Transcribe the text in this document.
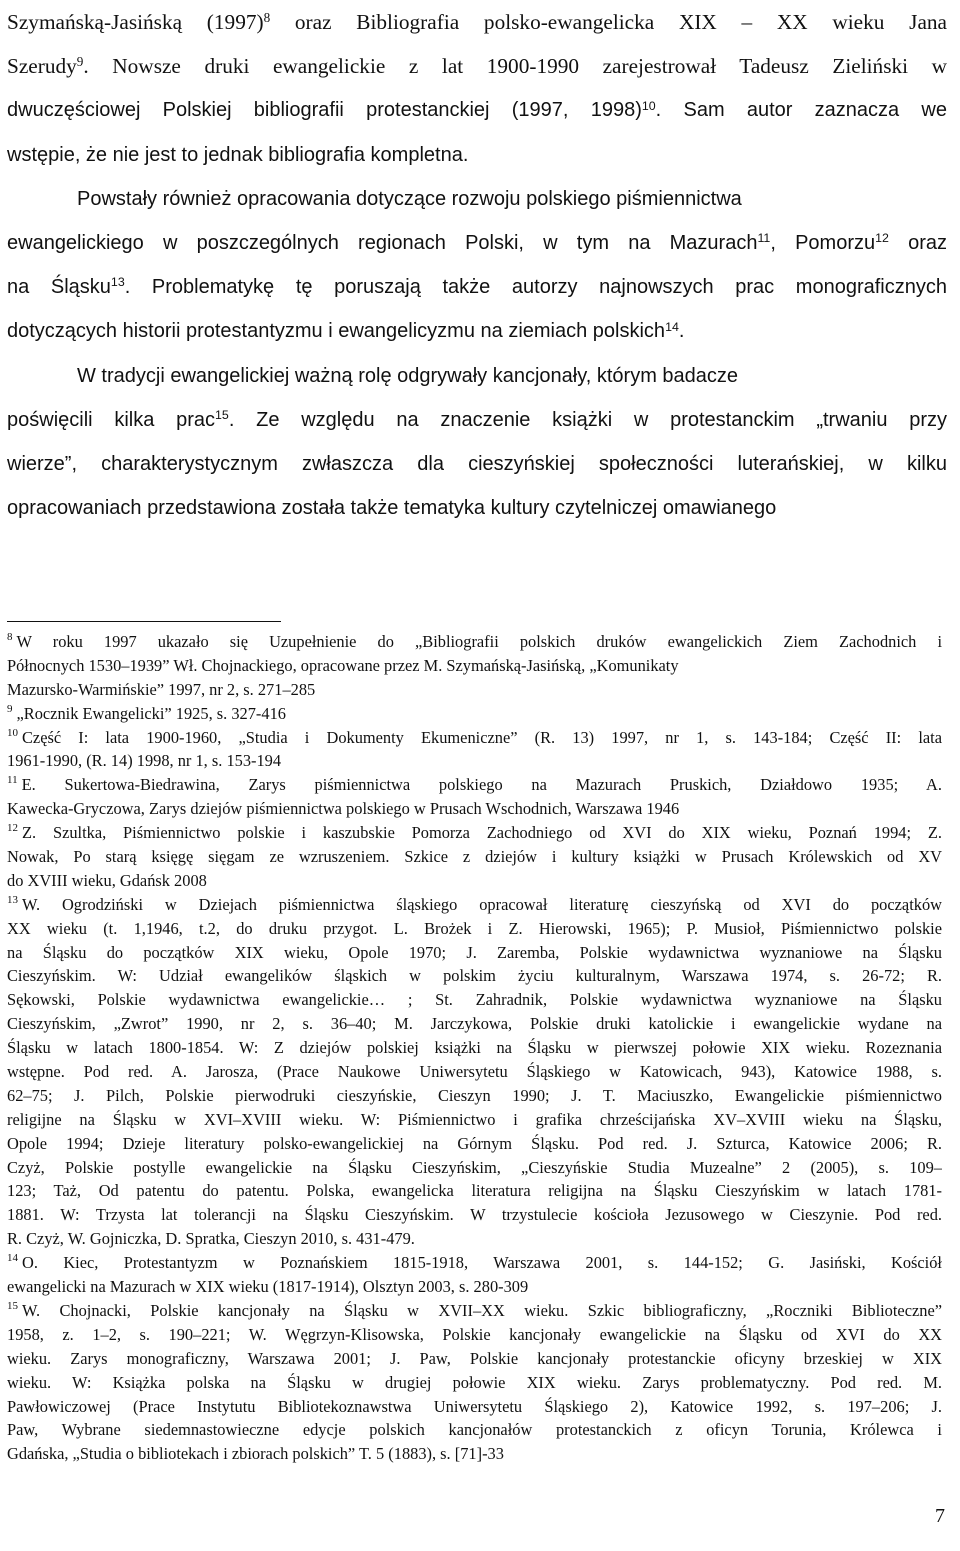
Szymańską-Jasińską $(1997)^8$ oraz Bibliografia polsko-ewangelicka XIX – XX wieku Jana
Szerudy$^9$. Nowsze druki ewangelickie z lat 1900-1990 zarejestrował Tadeusz Zieliński w
dwuczęściowej Polskiej bibliografii protestanckiej (1997, 1998)$^{10}$. Sam autor zaznacza we
wstępie, że nie jest to jednak bibliografia kompletna.
Powstały również opracowania dotyczące rozwoju polskiego piśmiennictwa
ewangelickiego w poszczególnych regionach Polski, w tym na Mazurach$^{11}$, Pomorzu$^{12}$ oraz
na Śląsku$^{13}$. Problematykę tę poruszają także autorzy najnowszych prac monograficznych
dotyczących historii protestantyzmu i ewangelicyzmu na ziemiach polskich$^{14}$.
W tradycji ewangelickiej ważną rolę odgrywały kancjonały, którym badacze
poświęcili kilka prac$^{15}$. Ze względu na znaczenie książki w protestanckim „trwaniu przy
wierze”, charakterystycznym zwłaszcza dla cieszyńskiej społeczności luterańskiej, w kilku
opracowaniach przedstawiona została także tematyka kultury czytelniczej omawianego
$^8$ W roku 1997 ukazało się Uzupełnienie do „Bibliografii polskich druków ewangelickich Ziem Zachodnich i
Północnych 1530–1939” Wł. Chojnackiego, opracowane przez M. Szymańską-Jasińską, „Komunikaty
Mazursko-Warmińskie” 1997, nr 2, s. 271–285
$^9$ „Rocznik Ewangelicki” 1925, s. 327-416
$^{10}$ Część I: lata 1900-1960, „Studia i Dokumenty Ekumeniczne” (R. 13) 1997, nr 1, s. 143-184; Część II: lata
1961-1990, (R. 14) 1998, nr 1, s. 153-194
$^{11}$ E. Sukertowa-Biedrawina, Zarys piśmiennictwa polskiego na Mazurach Pruskich, Działdowo 1935; A.
Kawecka-Gryczowa, Zarys dziejów piśmiennictwa polskiego w Prusach Wschodnich, Warszawa 1946
$^{12}$ Z. Szultka, Piśmiennictwo polskie i kaszubskie Pomorza Zachodniego od XVI do XIX wieku, Poznań 1994; Z.
Nowak, Po starą księgę sięgam ze wzruszeniem. Szkice z dziejów i kultury książki w Prusach Królewskich od XV
do XVIII wieku, Gdańsk 2008
$^{13}$ W. Ogrodziński w Dziejach piśmiennictwa śląskiego opracował literaturę cieszyńską od XVI do początków
XX wieku (t. 1,1946, t.2, do druku przygot. L. Brożek i Z. Hierowski, 1965); P. Musioł, Piśmiennictwo polskie
na Śląsku do początków XIX wieku, Opole 1970; J. Zaremba, Polskie wydawnictwa wyznaniowe na Śląsku
Cieszyńskim. W: Udział ewangelików śląskich w polskim życiu kulturalnym, Warszawa 1974, s. 26-72; R.
Sękowski, Polskie wydawnictwa ewangelickie… ; St. Zahradnik, Polskie wydawnictwa wyznaniowe na Śląsku
Cieszyńskim, „Zwrot” 1990, nr 2, s. 36–40; M. Jarczykowa, Polskie druki katolickie i ewangelickie wydane na
Śląsku w latach 1800-1854. W: Z dziejów polskiej książki na Śląsku w pierwszej połowie XIX wieku. Rozeznania
wstępne. Pod red. A. Jarosza, (Prace Naukowe Uniwersytetu Śląskiego w Katowicach, 943), Katowice 1988, s.
62–75; J. Pilch, Polskie pierwodruki cieszyńskie, Cieszyn 1990; J. T. Maciuszko, Ewangelickie piśmiennictwo
religijne na Śląsku w XVI–XVIII wieku. W: Piśmiennictwo i grafika chrześcijańska XV–XVIII wieku na Śląsku,
Opole 1994; Dzieje literatury polsko-ewangelickiej na Górnym Śląsku. Pod red. J. Szturca, Katowice 2006; R.
Czyż, Polskie postylle ewangelickie na Śląsku Cieszyńskim, „Cieszyńskie Studia Muzealne” 2 (2005), s. 109–
123; Taż, Od patentu do patentu. Polska, ewangelicka literatura religijna na Śląsku Cieszyńskim w latach 1781-
1881. W: Trzysta lat tolerancji na Śląsku Cieszyńskim. W trzystulecie kościoła Jezusowego w Cieszynie. Pod red.
R. Czyż, W. Gojniczka, D. Spratka, Cieszyn 2010, s. 431-479.
$^{14}$ O. Kiec, Protestantyzm w Poznańskiem 1815-1918, Warszawa 2001, s. 144-152; G. Jasiński, Kościół
ewangelicki na Mazurach w XIX wieku (1817-1914), Olsztyn 2003, s. 280-309
$^{15}$ W. Chojnacki, Polskie kancjonały na Śląsku w XVII–XX wieku. Szkic bibliograficzny, „Roczniki Biblioteczne”
1958, z. 1–2, s. 190–221; W. Węgrzyn-Klisowska, Polskie kancjonały ewangelickie na Śląsku od XVI do XX
wieku. Zarys monograficzny, Warszawa 2001; J. Paw, Polskie kancjonały protestanckie oficyny brzeskiej w XIX
wieku. W: Książka polska na Śląsku w drugiej połowie XIX wieku. Zarys problematyczny. Pod red. M.
Pawłowiczowej (Prace Instytutu Bibliotekoznawstwa Uniwersytetu Śląskiego 2), Katowice 1992, s. 197–206; J.
Paw, Wybrane siedemnastowieczne edycje polskich kancjonałów protestanckich z oficyn Torunia, Królewca i
Gdańska, „Studia o bibliotekach i zbiorach polskich” T. 5 (1883), s. [71]-33
7
